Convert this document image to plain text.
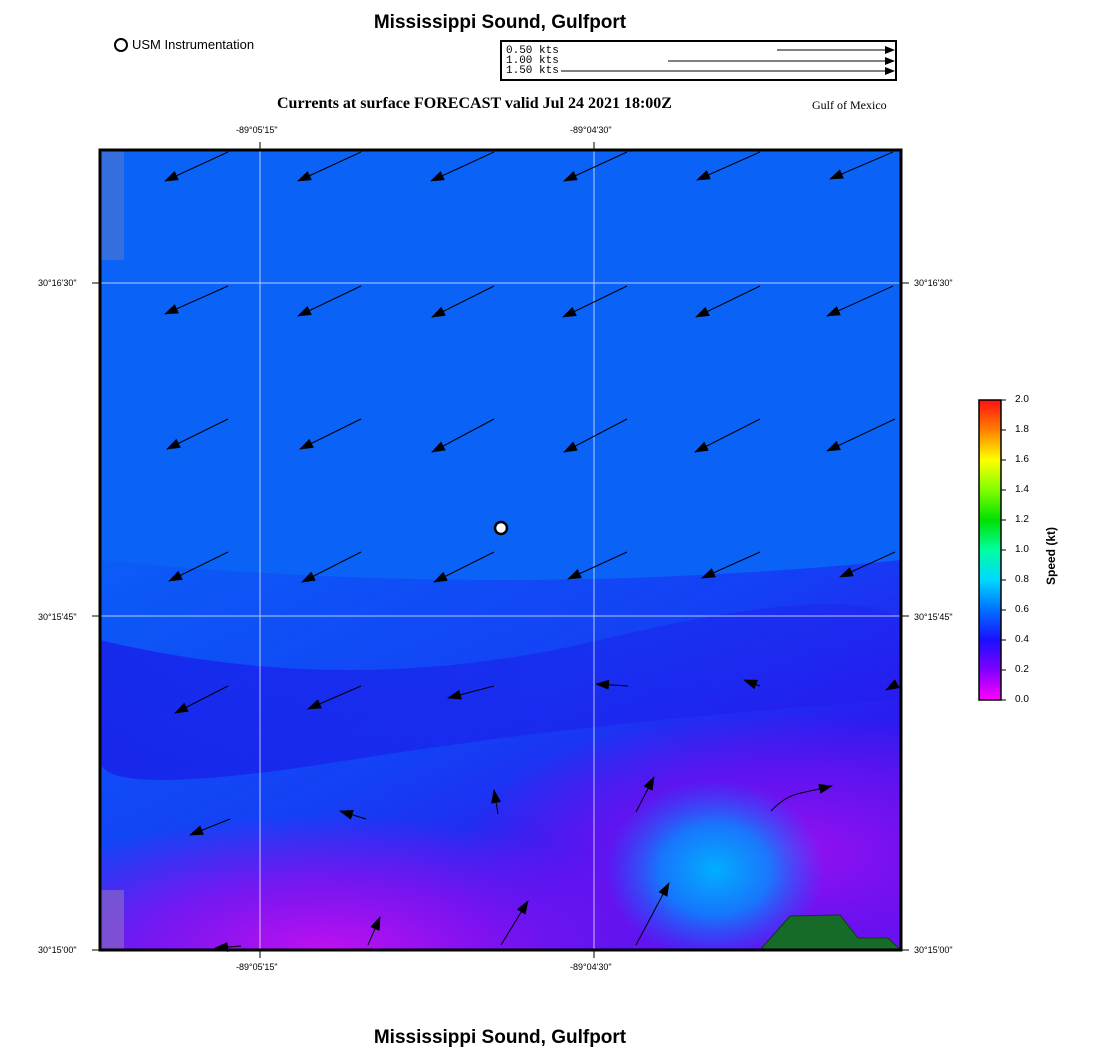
Mississippi Sound, Gulfport
USM Instrumentation	0.50 kts
1.00 kts
1.50 kts
Currents at surface FORECAST valid Jul 24 2021 18:00Z	Gulf of Mexico
-89°05'15"	-89°04'30"
-89°05'15"	-89°04'30"
30°16'30"
30°15'45"
30°15'00"
30°16'30"
30°15'45"
30°15'00"
2.0
1.8
1.6
1.4
1.2
1.0
0.8
0.6
0.4
0.2
0.0
Speed (kt)
Mississippi Sound, Gulfport
